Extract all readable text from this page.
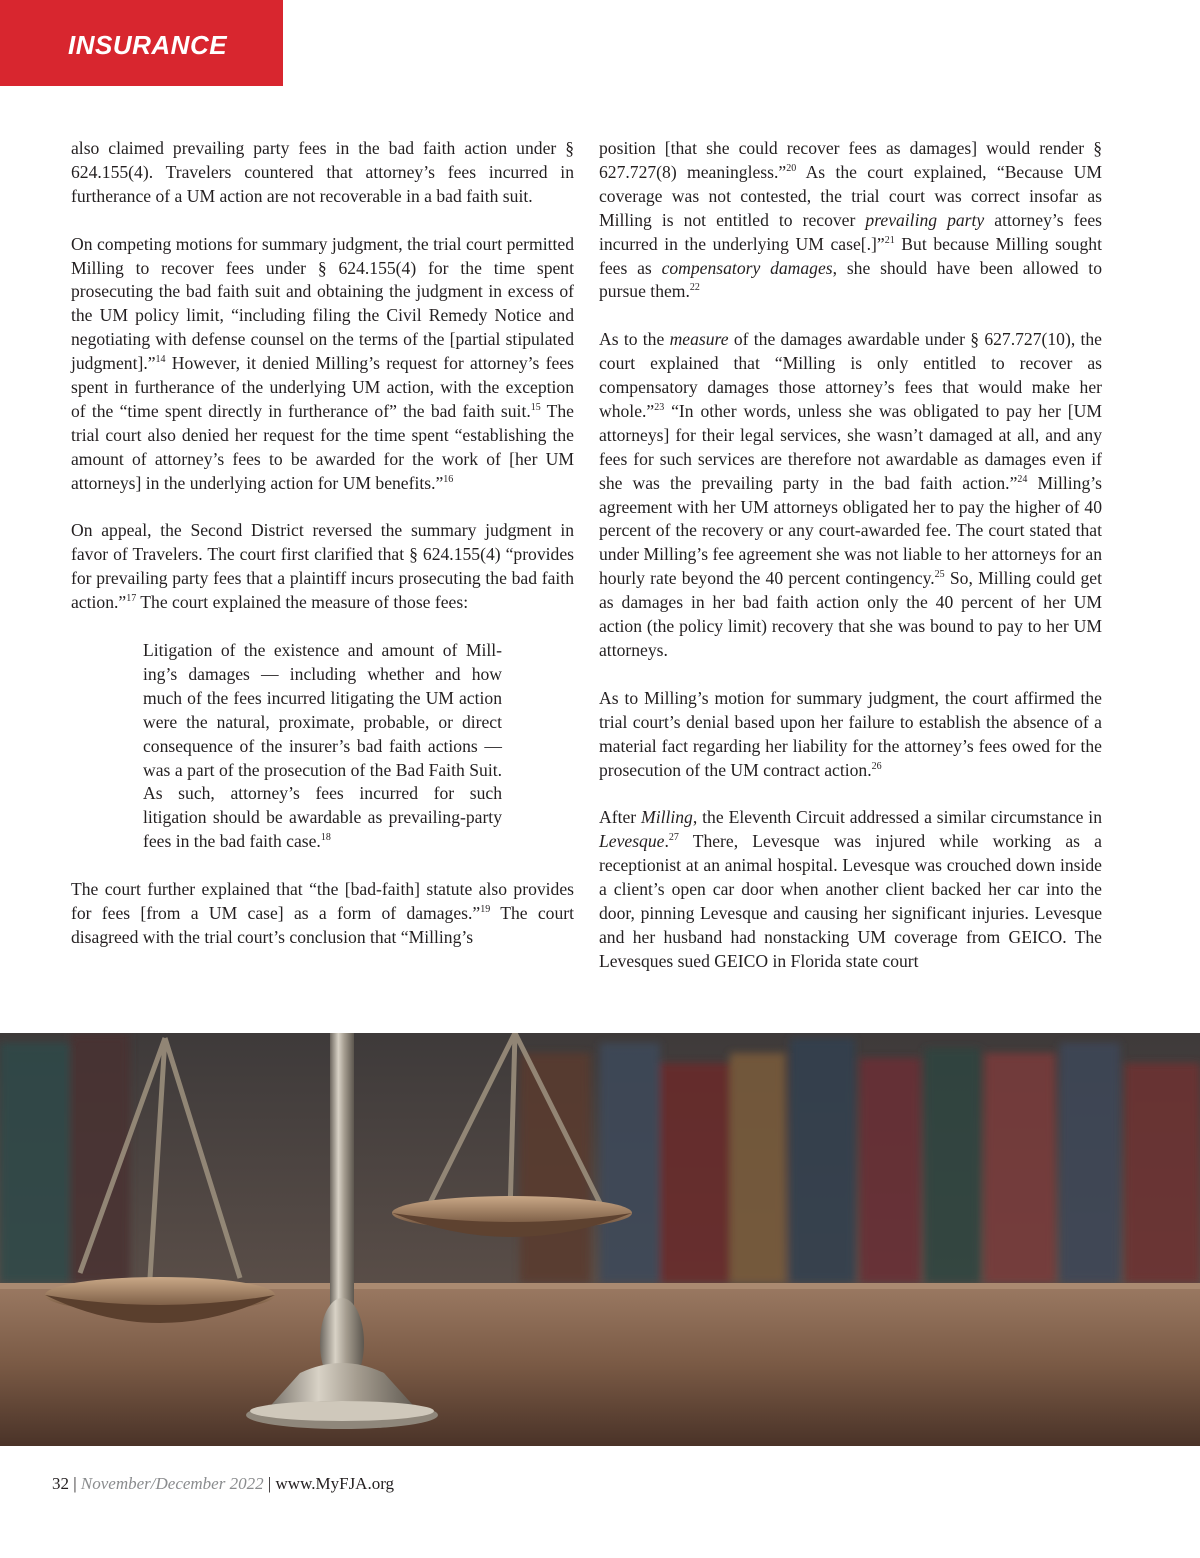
INSURANCE

also claimed prevailing party fees in the bad faith action under § 624.155(4). Travelers countered that attorney’s fees incurred in furtherance of a UM action are not recoverable in a bad faith suit.

On competing motions for summary judgment, the trial court permitted Milling to recover fees under § 624.155(4) for the time spent prosecuting the bad faith suit and obtaining the judgment in excess of the UM policy limit, “including filing the Civil Remedy Notice and negotiating with defense counsel on the terms of the [partial stipulated judgment].”$^{14}$ However, it denied Milling’s request for attorney’s fees spent in furtherance of the underlying UM action, with the exception of the “time spent directly in furtherance of” the bad faith suit.$^{15}$ The trial court also denied her request for the time spent “establishing the amount of attorney’s fees to be awarded for the work of [her UM attorneys] in the underlying action for UM benefits.”$^{16}$

On appeal, the Second District reversed the summary judgment in favor of Travelers. The court first clarified that § 624.155(4) “provides for prevailing party fees that a plaintiff incurs prosecuting the bad faith action.”$^{17}$ The court explained the measure of those fees:

Litigation of the existence and amount of Milling’s damages — including whether and how much of the fees incurred litigating the UM action were the natural, proximate, probable, or direct consequence of the insurer’s bad faith actions — was a part of the prosecution of the Bad Faith Suit. As such, attorney’s fees incurred for such litigation should be awardable as prevailing-party fees in the bad faith case.$^{18}$

The court further explained that “the [bad-faith] statute also provides for fees [from a UM case] as a form of damages.”$^{19}$ The court disagreed with the trial court’s conclusion that “Milling’s

position [that she could recover fees as damages] would render § 627.727(8) meaningless.”$^{20}$ As the court explained, “Because UM coverage was not contested, the trial court was correct insofar as Milling is not entitled to recover prevailing party attorney’s fees incurred in the underlying UM case[.]”$^{21}$ But because Milling sought fees as compensatory damages, she should have been allowed to pursue them.$^{22}$

As to the measure of the damages awardable under § 627.727(10), the court explained that “Milling is only entitled to recover as compensatory damages those attorney’s fees that would make her whole.”$^{23}$ “In other words, unless she was obligated to pay her [UM attorneys] for their legal services, she wasn’t damaged at all, and any fees for such services are therefore not awardable as damages even if she was the prevailing party in the bad faith action.”$^{24}$ Milling’s agreement with her UM attorneys obligated her to pay the higher of 40 percent of the recovery or any court-awarded fee. The court stated that under Milling’s fee agreement she was not liable to her attorneys for an hourly rate beyond the 40 percent contingency.$^{25}$ So, Milling could get as damages in her bad faith action only the 40 percent of her UM action (the policy limit) recovery that she was bound to pay to her UM attorneys.

As to Milling’s motion for summary judgment, the court affirmed the trial court’s denial based upon her failure to establish the absence of a material fact regarding her liability for the attorney’s fees owed for the prosecution of the UM contract action.$^{26}$

After Milling, the Eleventh Circuit addressed a similar circumstance in Levesque.$^{27}$ There, Levesque was injured while working as a receptionist at an animal hospital. Levesque was crouched down inside a client’s open car door when another client backed her car into the door, pinning Levesque and causing her significant injuries. Levesque and her husband had nonstacking UM coverage from GEICO. The Levesques sued GEICO in Florida state court

32 | November/December 2022 | www.MyFJA.org
